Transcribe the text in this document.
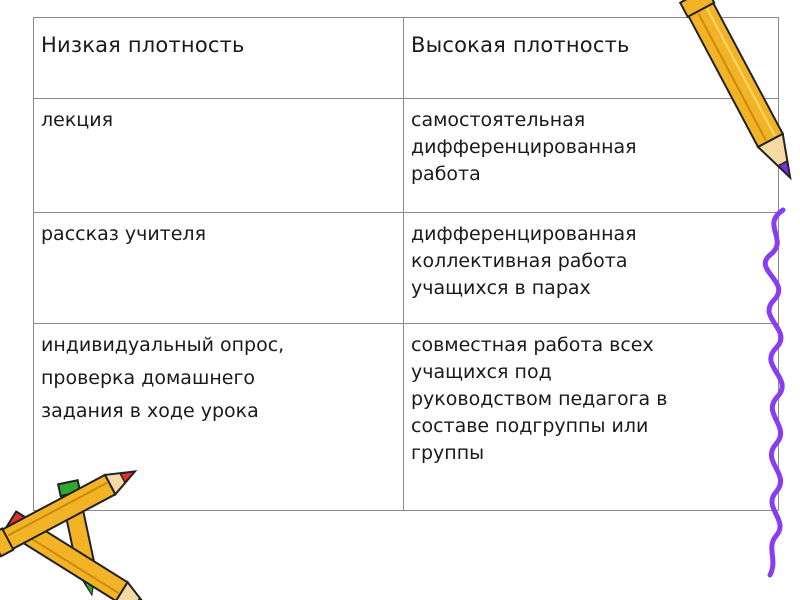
Низкая плотность	Высокая плотность

лекция	самостоятельная
дифференцированная
работа

рассказ учителя	дифференцированная
коллективная работа
учащихся в парах

индивидуальный опрос,
проверка домашнего
задания в ходе урока	совместная работа всех
учащихся под
руководством педагога в
составе подгруппы или
группы
